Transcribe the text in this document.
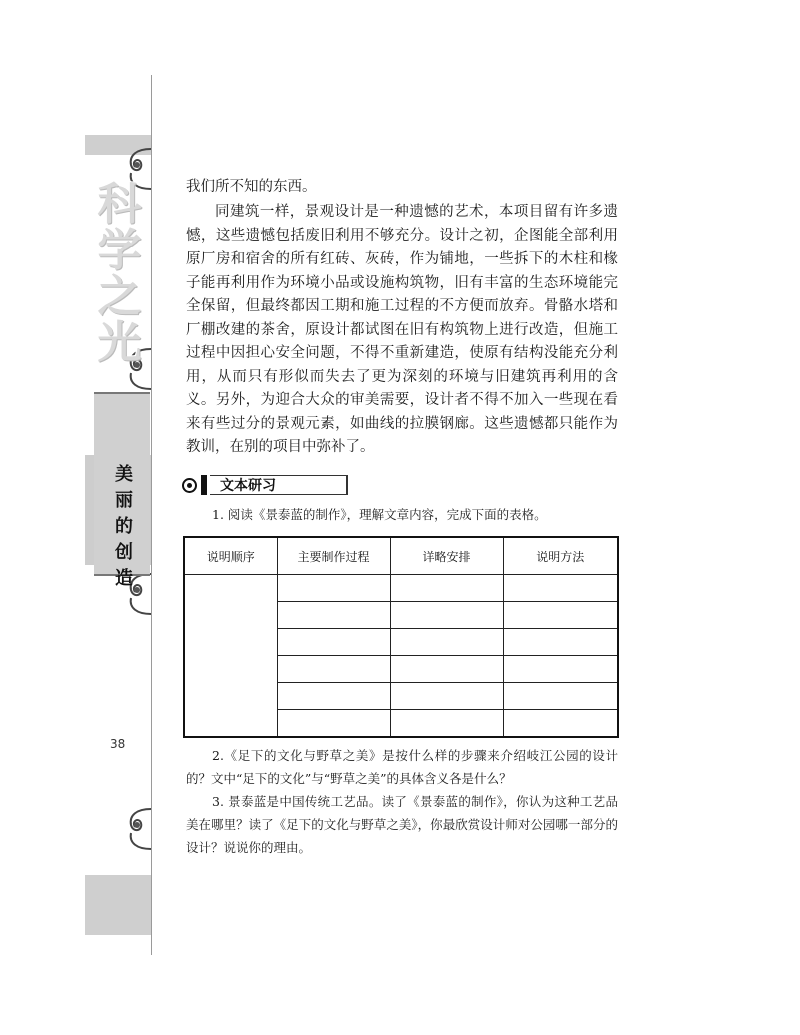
科学之光
美丽的创造
38
我们所不知的东西。
同建筑一样，景观设计是一种遗憾的艺术，本项目留有许多遗憾，这些遗憾包括废旧利用不够充分。设计之初，企图能全部利用原厂房和宿舍的所有红砖、灰砖，作为铺地，一些拆下的木柱和椽子能再利用作为环境小品或设施构筑物，旧有丰富的生态环境能完全保留，但最终都因工期和施工过程的不方便而放弃。骨骼水塔和厂棚改建的茶舍，原设计都试图在旧有构筑物上进行改造，但施工过程中因担心安全问题，不得不重新建造，使原有结构没能充分利用，从而只有形似而失去了更为深刻的环境与旧建筑再利用的含义。另外，为迎合大众的审美需要，设计者不得不加入一些现在看来有些过分的景观元素，如曲线的拉膜钢廊。这些遗憾都只能作为教训，在别的项目中弥补了。
文本研习
1. 阅读《景泰蓝的制作》，理解文章内容，完成下面的表格。
说明顺序	主要制作过程	详略安排	说明方法

2.《足下的文化与野草之美》是按什么样的步骤来介绍岐江公园的设计的？文中“足下的文化”与“野草之美”的具体含义各是什么？
3. 景泰蓝是中国传统工艺品。读了《景泰蓝的制作》，你认为这种工艺品美在哪里？读了《足下的文化与野草之美》，你最欣赏设计师对公园哪一部分的设计？说说你的理由。
